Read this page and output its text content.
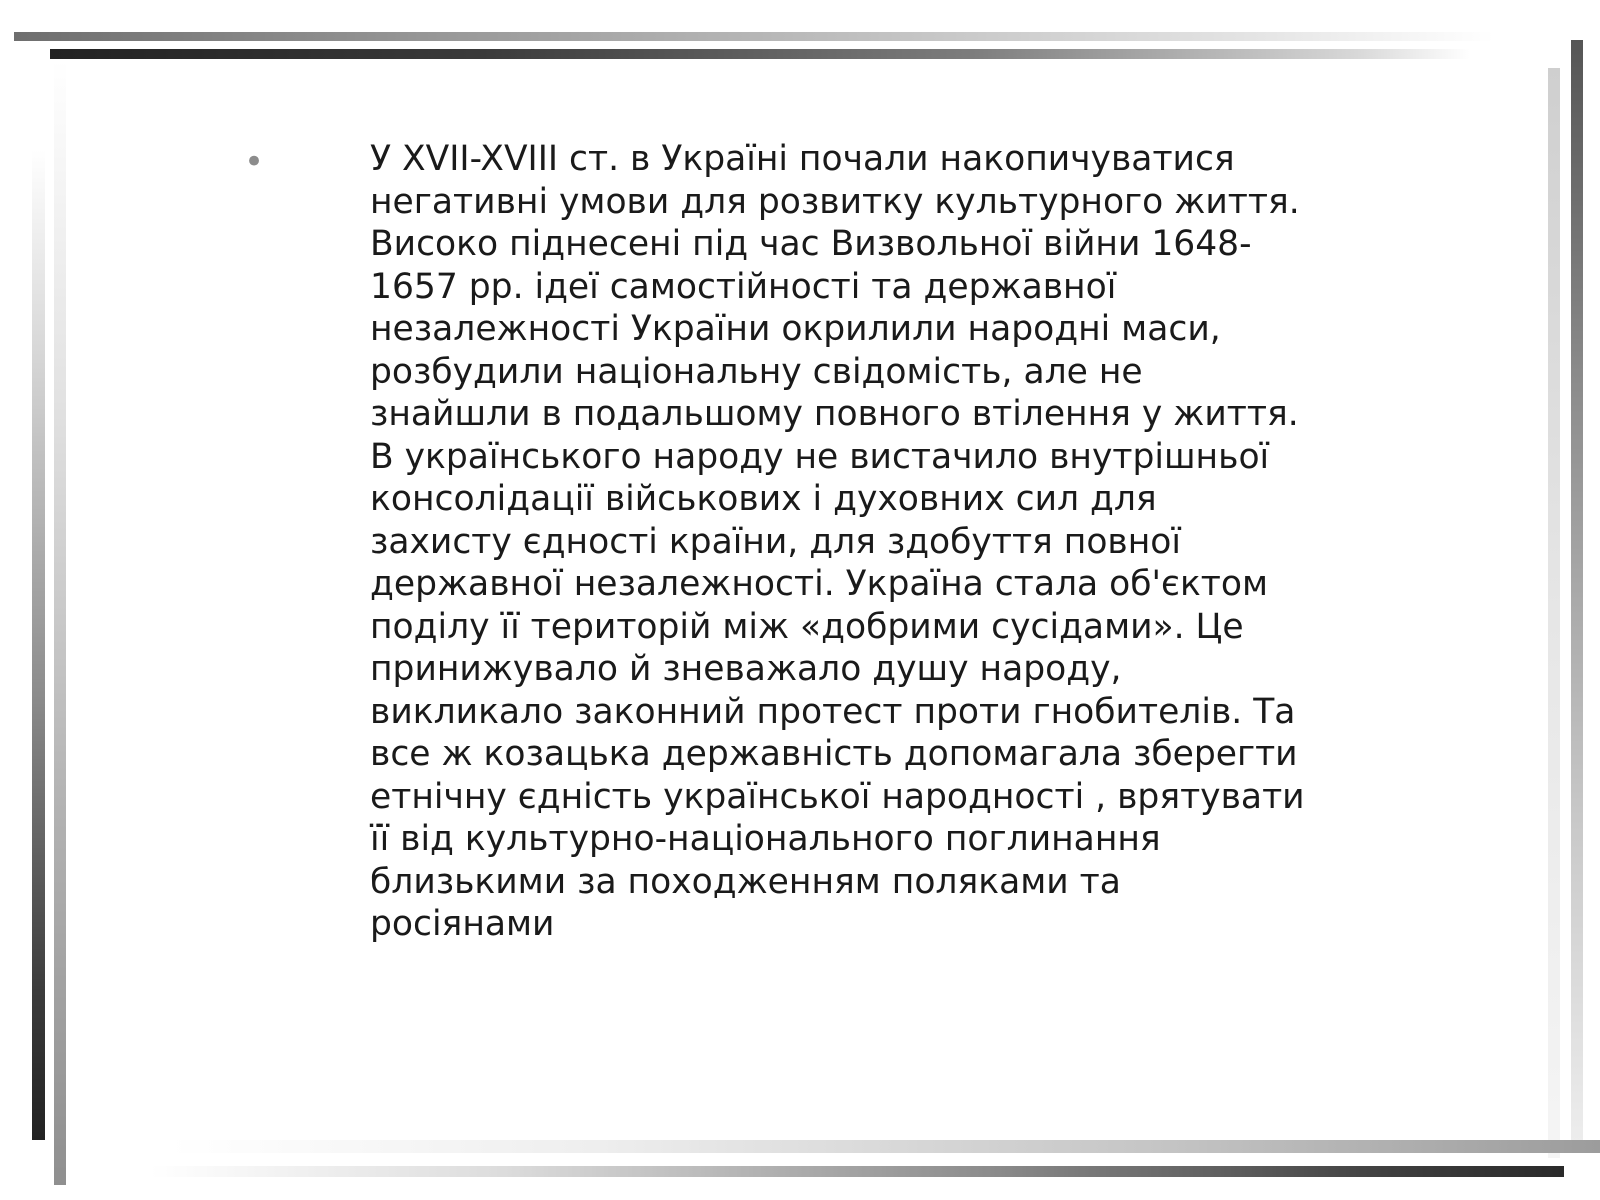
•	У XVII-XVIII ст. в Україні почали накопичуватися
негативні умови для розвитку культурного життя.
Високо піднесені під час Визвольної війни 1648-
1657 рр. ідеї самостійності та державної
незалежності України окрилили народні маси,
розбудили національну свідомість, але не
знайшли в подальшому повного втілення у життя.
В українського народу не вистачило внутрішньої
консолідації військових і духовних сил для
захисту єдності країни, для здобуття повної
державної незалежності. Україна стала об'єктом
поділу її територій між «добрими сусідами». Це
принижувало й зневажало душу народу,
викликало законний протест проти гнобителів. Та
все ж козацька державність допомагала зберегти
етнічну єдність української народності , врятувати
її від культурно-національного поглинання
близькими за походженням поляками та
росіянами
